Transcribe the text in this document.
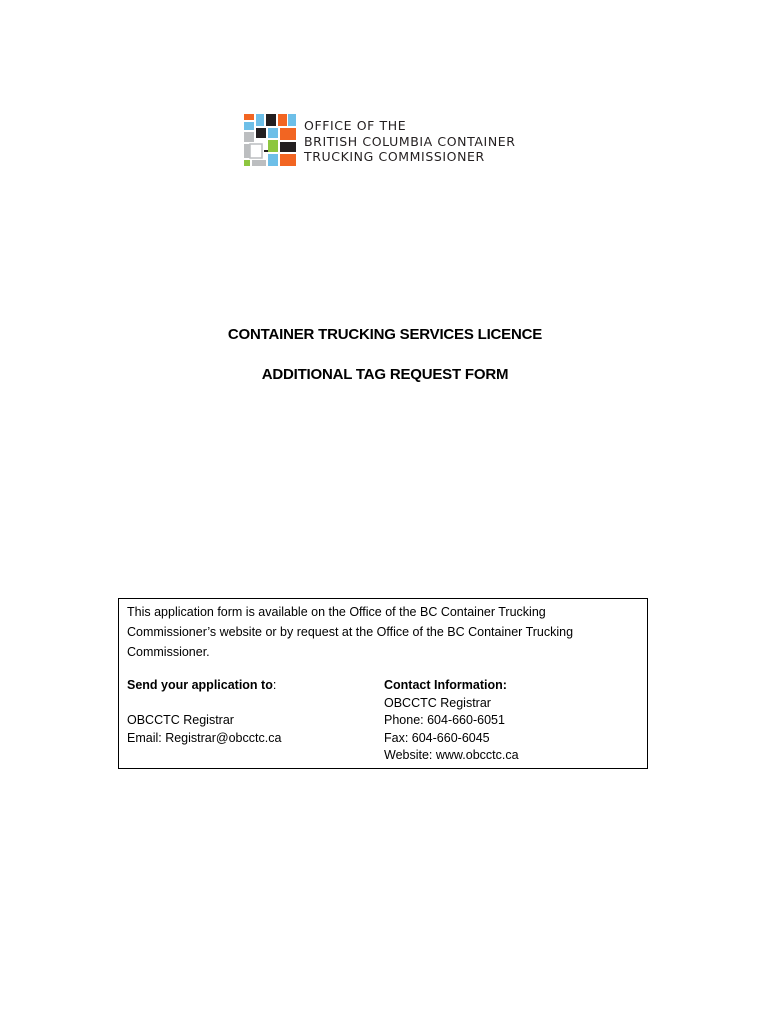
OFFICE OF THE
BRITISH COLUMBIA CONTAINER
TRUCKING COMMISSIONER
CONTAINER TRUCKING SERVICES LICENCE
ADDITIONAL TAG REQUEST FORM
This application form is available on the Office of the BC Container Trucking
Commissioner’s website or by request at the Office of the BC Container Trucking
Commissioner.
Send your application to:
OBCCTC Registrar
Email: Registrar@obcctc.ca
Contact Information:
OBCCTC Registrar
Phone: 604-660-6051
Fax: 604-660-6045
Website: www.obcctc.ca
